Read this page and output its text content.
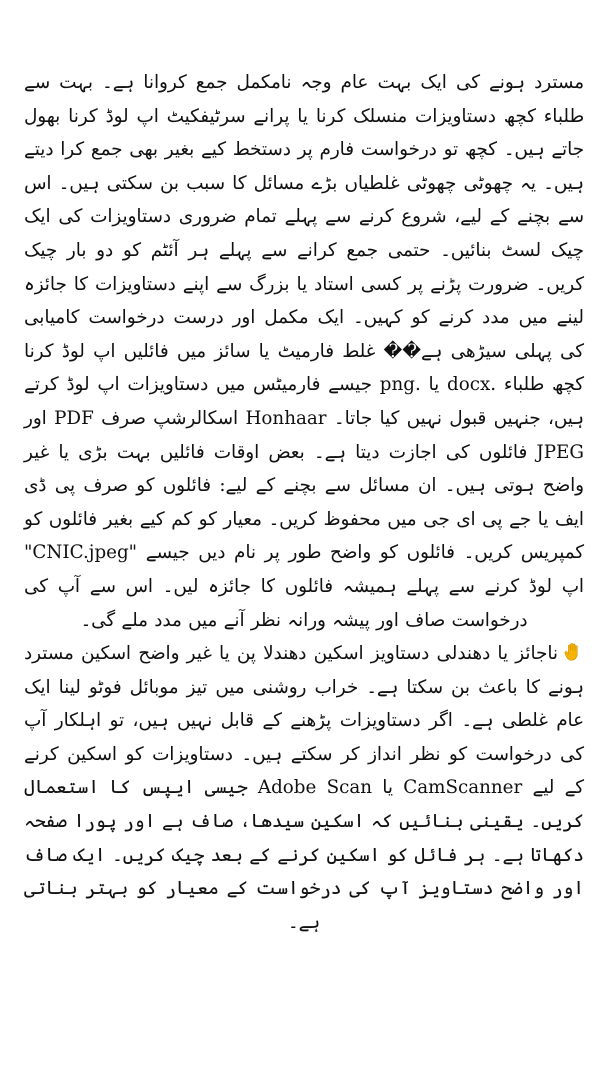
مسترد ہونے کی ایک بہت عام وجہ نامکمل جمع کروانا ہے۔ بہت سے طلباء کچھ دستاویزات منسلک کرنا یا پرانے سرٹیفکیٹ اپ لوڈ کرنا بھول جاتے ہیں۔ کچھ تو درخواست فارم پر دستخط کیے بغیر بھی جمع کرا دیتے ہیں۔ یہ چھوٹی چھوٹی غلطیاں بڑے مسائل کا سبب بن سکتی ہیں۔ اس سے بچنے کے لیے، شروع کرنے سے پہلے تمام ضروری دستاویزات کی ایک چیک لسٹ بنائیں۔ حتمی جمع کرانے سے پہلے ہر آئٹم کو دو بار چیک کریں۔ ضرورت پڑنے پر کسی استاد یا بزرگ سے اپنے دستاویزات کا جائزہ لینے میں مدد کرنے کو کہیں۔ ایک مکمل اور درست درخواست کامیابی کی پہلی سیڑھی ہے�� غلط فارمیٹ یا سائز میں فائلیں اپ لوڈ کرنا کچھ طلباء .docx یا .png جیسے فارمیٹس میں دستاویزات اپ لوڈ کرتے ہیں، جنہیں قبول نہیں کیا جاتا۔ Honhaar اسکالرشپ صرف PDF اور JPEG فائلوں کی اجازت دیتا ہے۔ بعض اوقات فائلیں بہت بڑی یا غیر واضح ہوتی ہیں۔ ان مسائل سے بچنے کے لیے: فائلوں کو صرف پی ڈی ایف یا جے پی ای جی میں محفوظ کریں۔ معیار کو کم کیے بغیر فائلوں کو کمپریس کریں۔ فائلوں کو واضح طور پر نام دیں جیسے "CNIC.jpeg" اپ لوڈ کرنے سے پہلے ہمیشہ فائلوں کا جائزہ لیں۔ اس سے آپ کی درخواست صاف اور پیشہ ورانہ نظر آنے میں مدد ملے گی۔

ناجائز یا دھندلی دستاویز اسکین دھندلا پن یا غیر واضح اسکین مسترد ہونے کا باعث بن سکتا ہے۔ خراب روشنی میں تیز موبائل فوٹو لینا ایک عام غلطی ہے۔ اگر دستاویزات پڑھنے کے قابل نہیں ہیں، تو اہلکار آپ کی درخواست کو نظر انداز کر سکتے ہیں۔ دستاویزات کو اسکین کرنے کے لیے CamScanner یا Adobe Scan جیسی ایپس کا استعمال کریں۔ یقینی بنائیں کہ اسکین سیدھا، صاف ہے اور پورا صفحہ دکھاتا ہے۔ ہر فائل کو اسکین کرنے کے بعد چیک کریں۔ ایک صاف اور واضح دستاویز آپ کی درخواست کے معیار کو بہتر بناتی ہے۔
